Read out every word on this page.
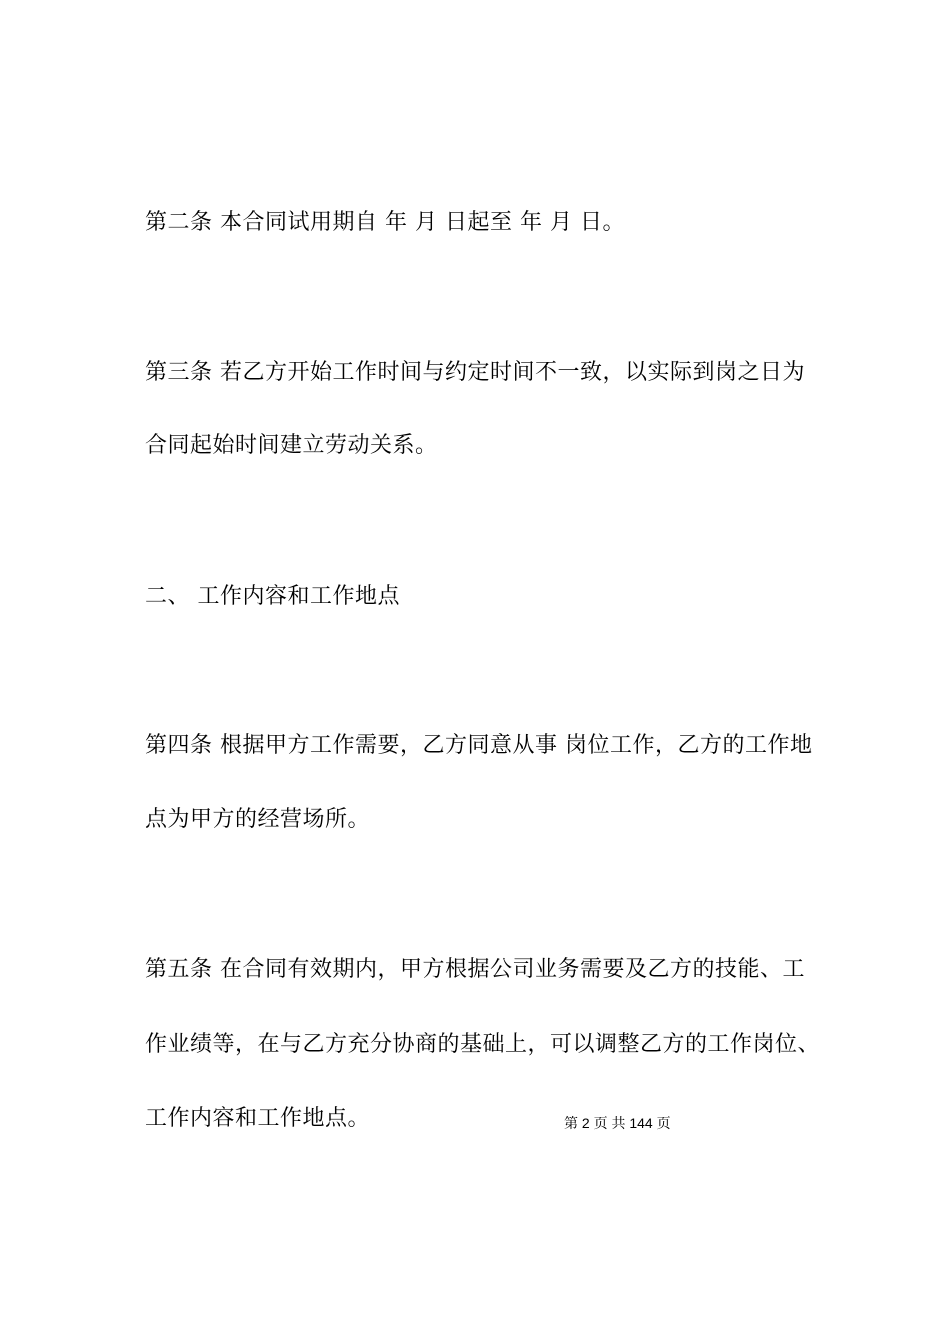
第二条 本合同试用期自 年 月 日起至 年 月 日。
第三条 若乙方开始工作时间与约定时间不一致，以实际到岗之日为
合同起始时间建立劳动关系。
二、 工作内容和工作地点
第四条 根据甲方工作需要，乙方同意从事 岗位工作，乙方的工作地
点为甲方的经营场所。
第五条 在合同有效期内，甲方根据公司业务需要及乙方的技能、工
作业绩等，在与乙方充分协商的基础上，可以调整乙方的工作岗位、
工作内容和工作地点。	第 2 页 共 144 页
